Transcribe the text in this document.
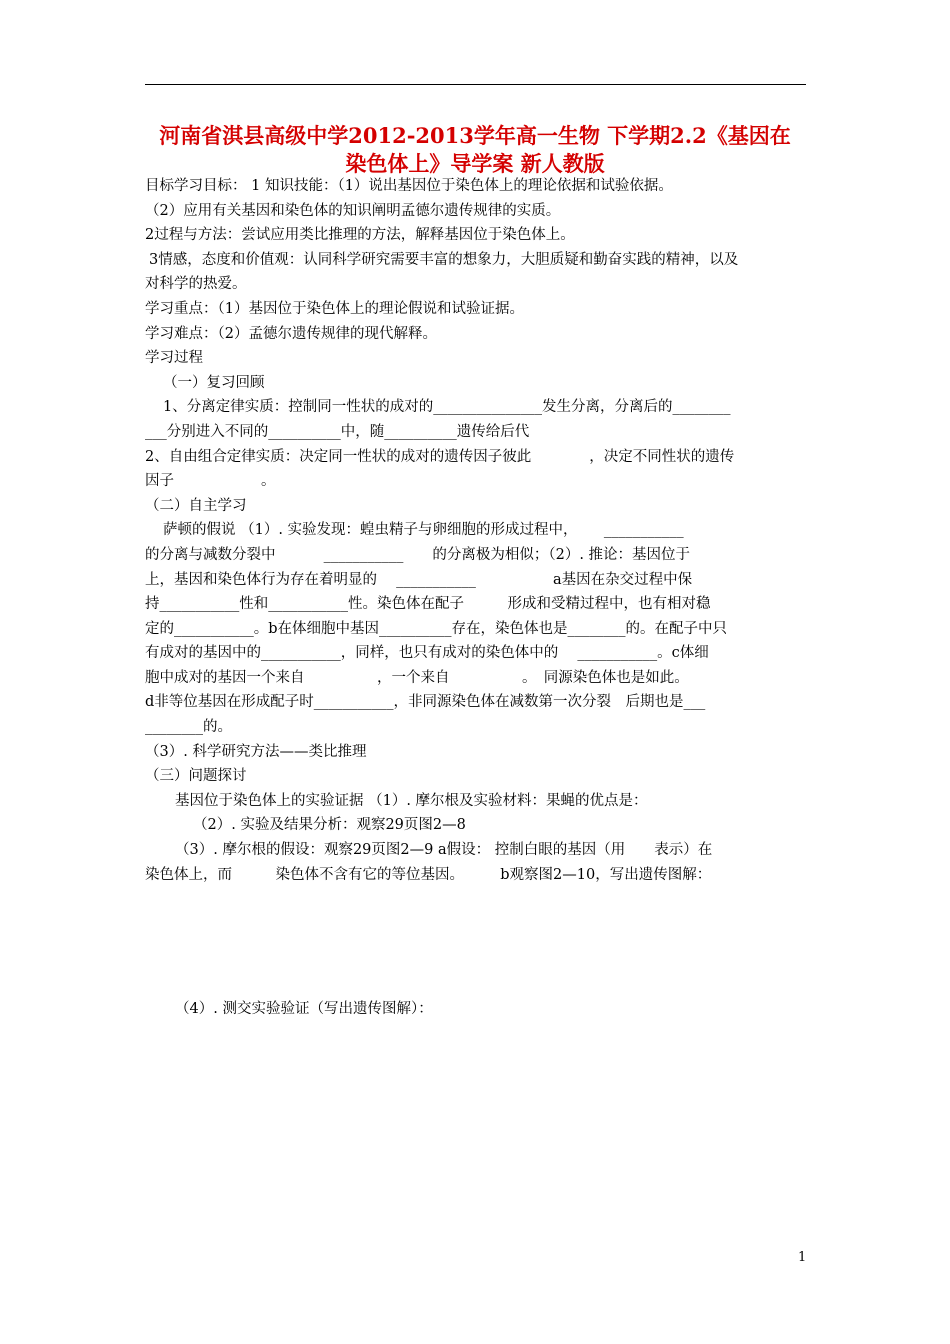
河南省淇县高级中学2012-2013学年高一生物 下学期2.2《基因在
染色体上》导学案 新人教版
目标学习目标： 1 知识技能：（1）说出基因位于染色体上的理论依据和试验依据。
（2）应用有关基因和染色体的知识阐明孟德尔遗传规律的实质。
2过程与方法：尝试应用类比推理的方法，解释基因位于染色体上。
3情感，态度和价值观：认同科学研究需要丰富的想象力，大胆质疑和勤奋实践的精神，以及
对科学的热爱。
学习重点：（1）基因位于染色体上的理论假说和试验证据。
学习难点：（2）孟德尔遗传规律的现代解释。
学习过程
（一）复习回顾
1、分离定律实质：控制同一性状的成对的_______________发生分离，分离后的________
___分别进入不同的__________中，随__________遗传给后代
2、自由组合定律实质：决定同一性状的成对的遗传因子彼此　　　　，决定不同性状的遗传
因子　　　　　　。
（二）自主学习
萨顿的假说 （1）. 实验发现：蝗虫精子与卵细胞的形成过程中，　　 ___________
的分离与减数分裂中　　　 ___________　　的分离极为相似；（2）. 推论：基因位于
上，基因和染色体行为存在着明显的　 ___________　　　　　 a基因在杂交过程中保
持___________性和___________性。染色体在配子　　　形成和受精过程中，也有相对稳
定的___________。b在体细胞中基因__________存在，染色体也是________的。在配子中只
有成对的基因中的___________，同样，也只有成对的染色体中的　 ___________。c体细
胞中成对的基因一个来自　　　　　，一个来自　　　　　。　同源染色体也是如此。
d非等位基因在形成配子时___________，非同源染色体在减数第一次分裂　后期也是___
________的。
（3）. 科学研究方法——类比推理
（三）问题探讨
基因位于染色体上的实验证据 （1）. 摩尔根及实验材料：果蝇的优点是：
（2）. 实验及结果分析：观察29页图2—8
（3）. 摩尔根的假设：观察29页图2—9 a假设： 控制白眼的基因（用　　表示）在
染色体上，而　　　染色体不含有它的等位基因。　　　b观察图2—10，写出遗传图解：
（4）. 测交实验验证（写出遗传图解）：
1
